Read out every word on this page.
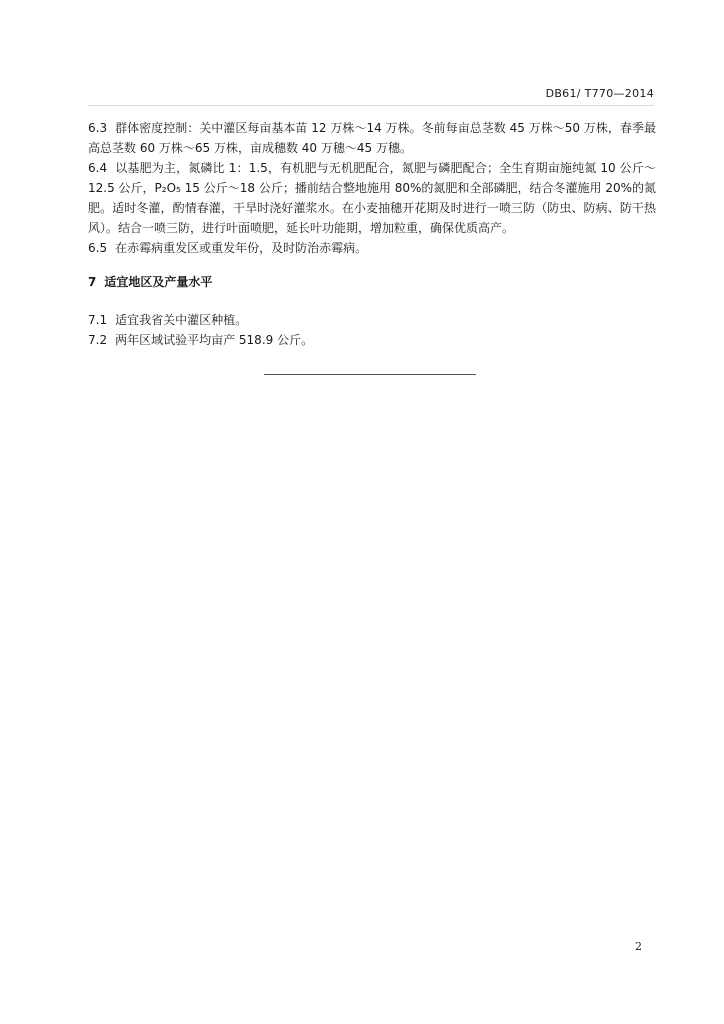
DB61/ T770—2014

6.3 群体密度控制：关中灌区每亩基本苗 12 万株～14 万株。冬前每亩总茎数 45 万株～50 万株，春季最高总茎数 60 万株～65 万株，亩成穗数 40 万穗～45 万穗。

6.4 以基肥为主，氮磷比 1：1.5，有机肥与无机肥配合，氮肥与磷肥配合；全生育期亩施纯氮 10 公斤～12.5 公斤，P₂O₅ 15 公斤～18 公斤；播前结合整地施用 80%的氮肥和全部磷肥，结合冬灌施用 20%的氮肥。适时冬灌，酌情春灌，干旱时浇好灌浆水。在小麦抽穗开花期及时进行一喷三防（防虫、防病、防干热风）。结合一喷三防，进行叶面喷肥，延长叶功能期，增加粒重，确保优质高产。

6.5 在赤霉病重发区或重发年份，及时防治赤霉病。

7 适宜地区及产量水平

7.1 适宜我省关中灌区种植。

7.2 两年区域试验平均亩产 518.9 公斤。

2
